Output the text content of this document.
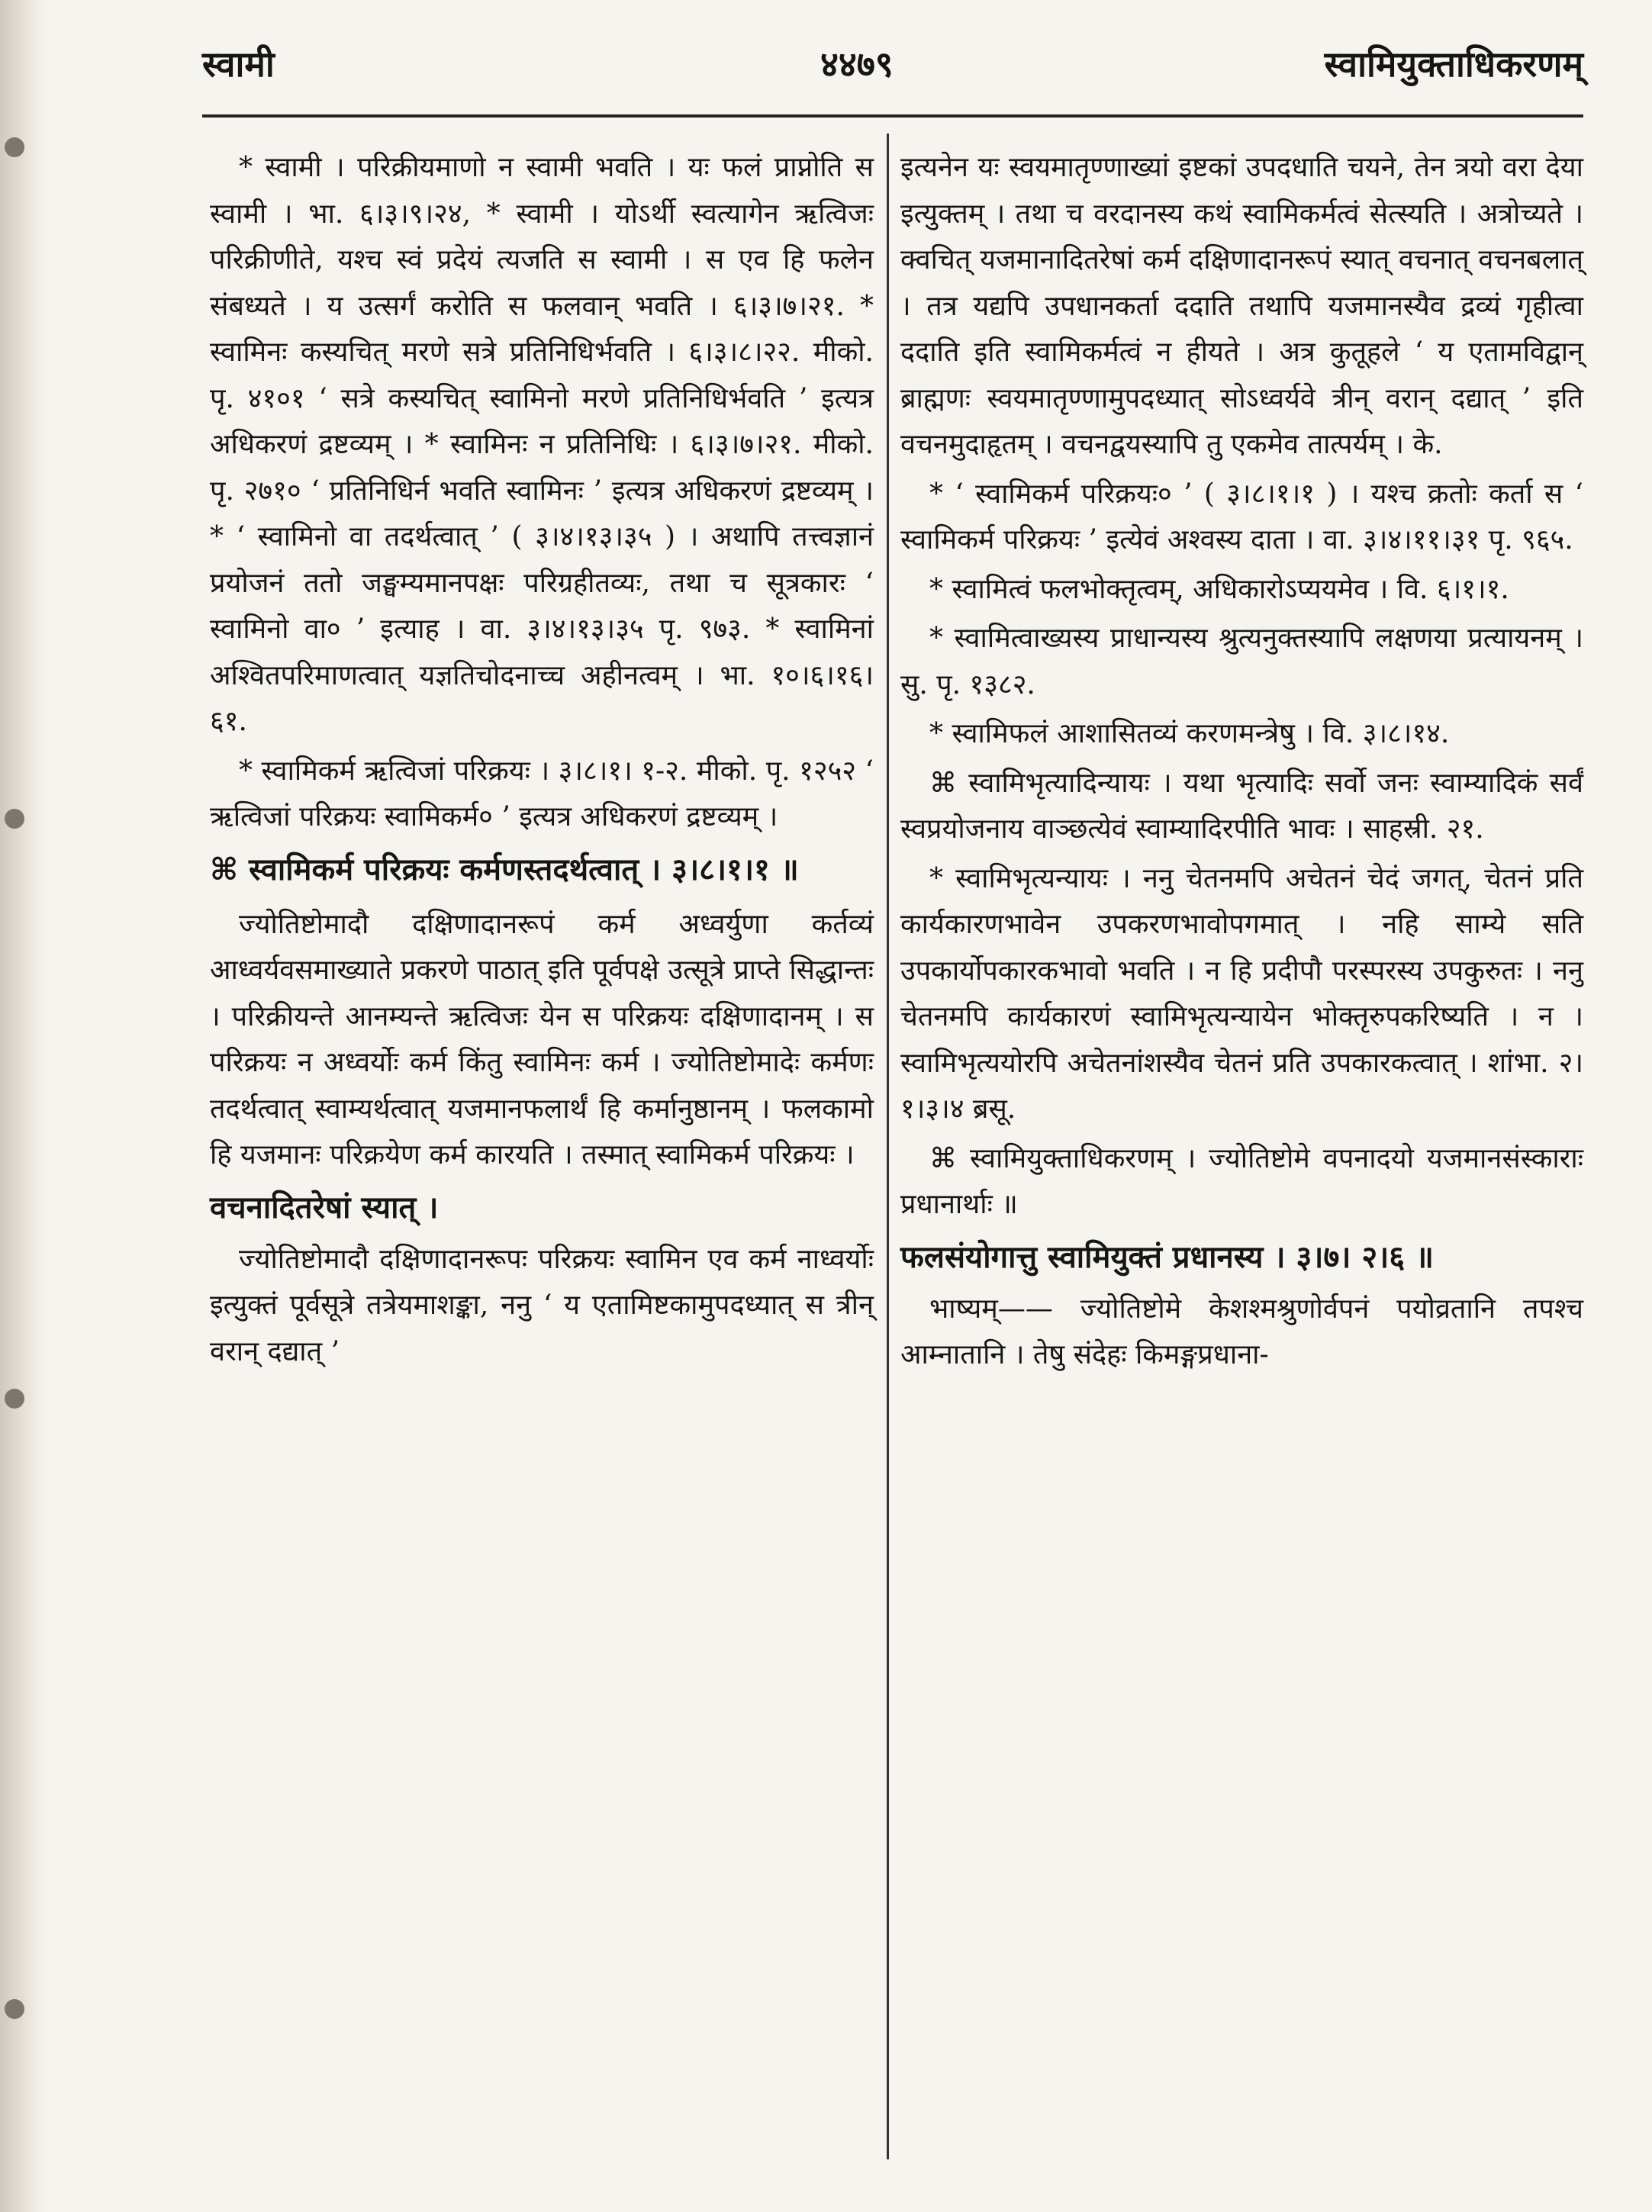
स्वामी	४४७९	स्वामियुक्ताधिकरणम्

* स्वामी । परिक्रीयमाणो न स्वामी भवति । यः फलं प्राप्नोति स स्वामी । भा. ६।३।९।२४, * स्वामी । योऽर्थी स्वत्यागेन ऋत्विजः परिक्रीणीते, यश्च स्वं प्रदेयं त्यजति स स्वामी । स एव हि फलेन संबध्यते । य उत्सर्गं करोति स फलवान् भवति । ६।३।७।२१. * स्वामिनः कस्यचित् मरणे सत्रे प्रतिनिधिर्भवति । ६।३।८।२२. मीको. पृ. ४१०१ ‘ सत्रे कस्यचित् स्वामिनो मरणे प्रतिनिधिर्भवति ’ इत्यत्र अधिकरणं द्रष्टव्यम् । * स्वामिनः न प्रतिनिधिः । ६।३।७।२१. मीको. पृ. २७१० ‘ प्रतिनिधिर्न भवति स्वामिनः ’ इत्यत्र अधिकरणं द्रष्टव्यम् । * ‘ स्वामिनो वा तदर्थत्वात् ’ ( ३।४।१३।३५ ) । अथापि तत्त्वज्ञानं प्रयोजनं ततो जङ्घम्यमानपक्षः परिग्रहीतव्यः, तथा च सूत्रकारः ‘ स्वामिनो वा० ’ इत्याह । वा. ३।४।१३।३५ पृ. ९७३. * स्वामिनां अश्वितपरिमाणत्वात् यज्ञतिचोदनाच्च अहीनत्वम् । भा. १०।६।१६।६१.

* स्वामिकर्म ऋत्विजां परिक्रयः । ३।८।१। १-२. मीको. पृ. १२५२ ‘ ऋत्विजां परिक्रयः स्वामिकर्म० ’ इत्यत्र अधिकरणं द्रष्टव्यम् ।

⌘ स्वामिकर्म परिक्रयः कर्मणस्तदर्थत्वात् । ३।८।१।१ ॥

ज्योतिष्टोमादौ दक्षिणादानरूपं कर्म अध्वर्युणा कर्तव्यं आध्वर्यवसमाख्याते प्रकरणे पाठात् इति पूर्वपक्षे उत्सूत्रे प्राप्ते सिद्धान्तः । परिक्रीयन्ते आनम्यन्ते ऋत्विजः येन स परिक्रयः दक्षिणादानम् । स परिक्रयः न अध्वर्योः कर्म किंतु स्वामिनः कर्म । ज्योतिष्टोमादेः कर्मणः तदर्थत्वात् स्वाम्यर्थत्वात् यजमानफलार्थं हि कर्मानुष्ठानम् । फलकामो हि यजमानः परिक्रयेण कर्म कारयति । तस्मात् स्वामिकर्म परिक्रयः ।

वचनादितरेषां स्यात् ।

ज्योतिष्टोमादौ दक्षिणादानरूपः परिक्रयः स्वामिन एव कर्म नाध्वर्योः इत्युक्तं पूर्वसूत्रे तत्रेयमाशङ्का, ननु ‘ य एतामिष्टकामुपदध्यात् स त्रीन् वरान् दद्यात् ’

इत्यनेन यः स्वयमातृण्णाख्यां इष्टकां उपदधाति चयने, तेन त्रयो वरा देया इत्युक्तम् । तथा च वरदानस्य कथं स्वामिकर्मत्वं सेत्स्यति । अत्रोच्यते । क्वचित् यजमानादितरेषां कर्म दक्षिणादानरूपं स्यात् वचनात् वचनबलात् । तत्र यद्यपि उपधानकर्ता ददाति तथापि यजमानस्यैव द्रव्यं गृहीत्वा ददाति इति स्वामिकर्मत्वं न हीयते । अत्र कुतूहले ‘ य एतामविद्वान् ब्राह्मणः स्वयमातृण्णामुपदध्यात् सोऽध्वर्यवे त्रीन् वरान् दद्यात् ’ इति वचनमुदाहृतम् । वचनद्वयस्यापि तु एकमेव तात्पर्यम् । के.

* ‘ स्वामिकर्म परिक्रयः० ’ ( ३।८।१।१ ) । यश्च क्रतोः कर्ता स ‘ स्वामिकर्म परिक्रयः ’ इत्येवं अश्वस्य दाता । वा. ३।४।११।३१ पृ. ९६५.

* स्वामित्वं फलभोक्तृत्वम्, अधिकारोऽप्ययमेव । वि. ६।१।१.

* स्वामित्वाख्यस्य प्राधान्यस्य श्रुत्यनुक्तस्यापि लक्षणया प्रत्यायनम् । सु. पृ. १३८२.

* स्वामिफलं आशासितव्यं करणमन्त्रेषु । वि. ३।८।१४.

⌘ स्वामिभृत्यादिन्यायः । यथा भृत्यादिः सर्वो जनः स्वाम्यादिकं सर्वं स्वप्रयोजनाय वाञ्छत्येवं स्वाम्यादिरपीति भावः । साहस्री. २१.

* स्वामिभृत्यन्यायः । ननु चेतनमपि अचेतनं चेदं जगत्, चेतनं प्रति कार्यकारणभावेन उपकरणभावोपगमात् । नहि साम्ये सति उपकार्योपकारकभावो भवति । न हि प्रदीपौ परस्परस्य उपकुरुतः । ननु चेतनमपि कार्यकारणं स्वामिभृत्यन्यायेन भोक्तृरुपकरिष्यति । न । स्वामिभृत्ययोरपि अचेतनांशस्यैव चेतनं प्रति उपकारकत्वात् । शांभा. २।१।३।४ ब्रसू.

⌘ स्वामियुक्ताधिकरणम् । ज्योतिष्टोमे वपनादयो यजमानसंस्काराः प्रधानार्थाः ॥

फलसंयोगात्तु स्वामियुक्तं प्रधानस्य । ३।७। २।६ ॥

भाष्यम्—— ज्योतिष्टोमे केशश्मश्रुणोर्वपनं पयोव्रतानि तपश्च आम्नातानि । तेषु संदेहः किमङ्गप्रधाना-
